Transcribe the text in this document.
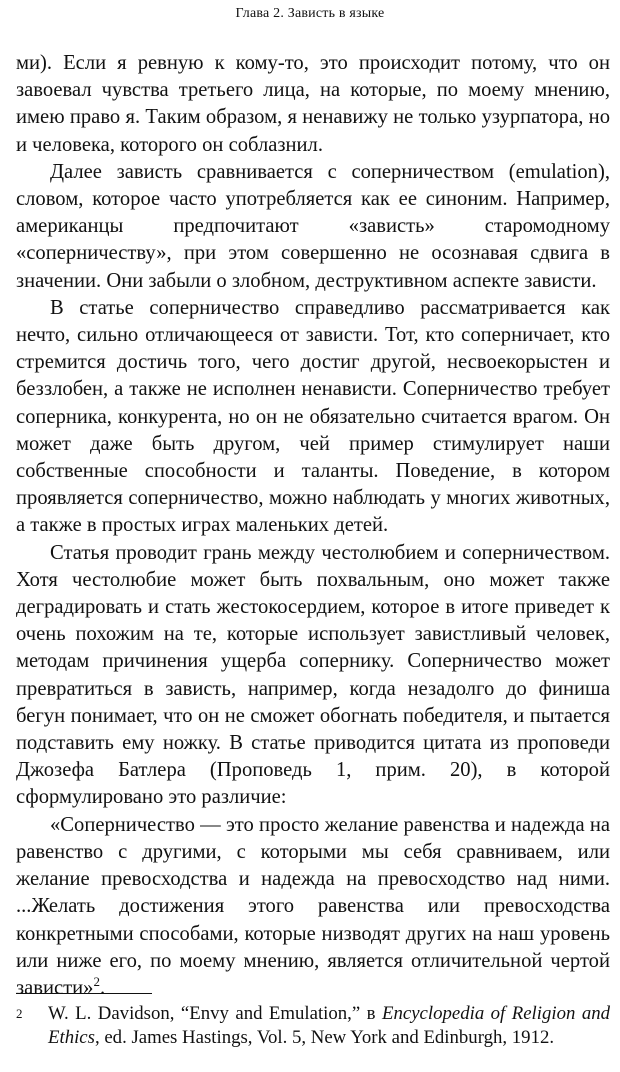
Глава 2. Зависть в языке

ми). Если я ревную к кому-то, это происходит потому, что он завоевал чувства третьего лица, на которые, по моему мнению, имею право я. Таким образом, я ненавижу не только узурпатора, но и человека, которого он соблазнил.

Далее зависть сравнивается с соперничеством (emulation), словом, которое часто употребляется как ее синоним. Например, американцы предпочитают «зависть» старомодному «соперничеству», при этом совершенно не осознавая сдвига в значении. Они забыли о злобном, деструктивном аспекте зависти.

В статье соперничество справедливо рассматривается как нечто, сильно отличающееся от зависти. Тот, кто соперничает, кто стремится достичь того, чего достиг другой, несвоекорыстен и беззлобен, а также не исполнен ненависти. Соперничество требует соперника, конкурента, но он не обязательно считается врагом. Он может даже быть другом, чей пример стимулирует наши собственные способности и таланты. Поведение, в котором проявляется соперничество, можно наблюдать у многих животных, а также в простых играх маленьких детей.

Статья проводит грань между честолюбием и соперничеством. Хотя честолюбие может быть похвальным, оно может также деградировать и стать жестокосердием, которое в итоге приведет к очень похожим на те, которые использует завистливый человек, методам причинения ущерба сопернику. Соперничество может превратиться в зависть, например, когда незадолго до финиша бегун понимает, что он не сможет обогнать победителя, и пытается подставить ему ножку. В статье приводится цитата из проповеди Джозефа Батлера (Проповедь 1, прим. 20), в которой сформулировано это различие:

«Соперничество — это просто желание равенства и надежда на равенство с другими, с которыми мы себя сравниваем, или желание превосходства и надежда на превосходство над ними. ...Желать достижения этого равенства или превосходства конкретными способами, которые низводят других на наш уровень или ниже его, по моему мнению, является отличительной чертой зависти»$^2$.

2 W. L. Davidson, “Envy and Emulation,” в Encyclopedia of Religion and Ethics, ed. James Hastings, Vol. 5, New York and Edinburgh, 1912.
